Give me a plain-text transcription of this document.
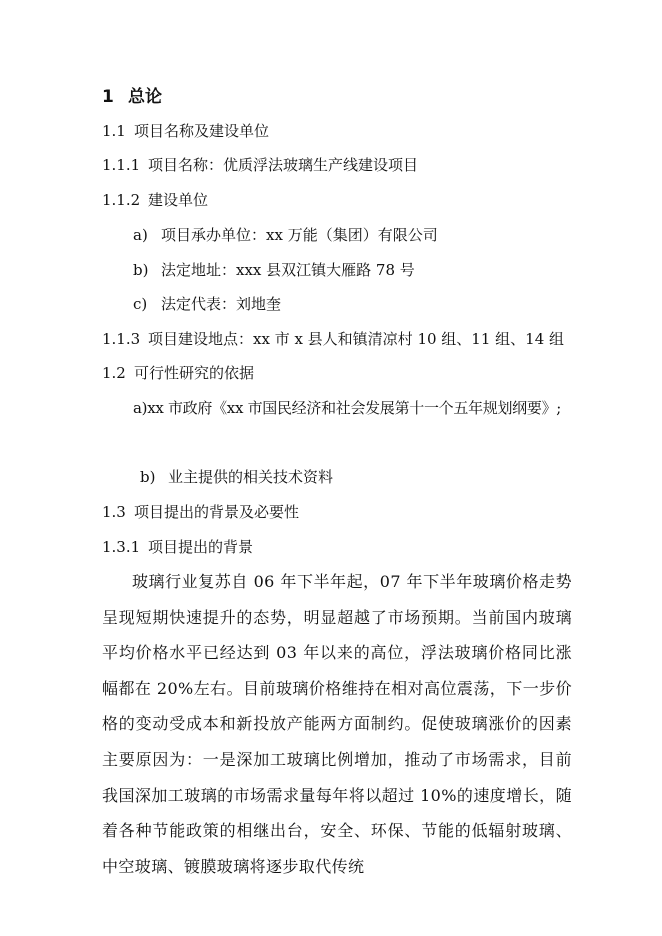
1 总论
1.1 项目名称及建设单位
1.1.1 项目名称：优质浮法玻璃生产线建设项目
1.1.2 建设单位
a) 项目承办单位：xx 万能（集团）有限公司
b) 法定地址：xxx 县双江镇大雁路 78 号
c) 法定代表：刘地奎
1.1.3 项目建设地点：xx 市 x 县人和镇清凉村 10 组、11 组、14 组
1.2 可行性研究的依据
a)xx 市政府《xx 市国民经济和社会发展第十一个五年规划纲要》;
b) 业主提供的相关技术资料
1.3 项目提出的背景及必要性
1.3.1 项目提出的背景

玻璃行业复苏自 06 年下半年起，07 年下半年玻璃价格走势呈现短期快速提升的态势，明显超越了市场预期。当前国内玻璃平均价格水平已经达到 03 年以来的高位，浮法玻璃价格同比涨幅都在 20%左右。目前玻璃价格维持在相对高位震荡，下一步价格的变动受成本和新投放产能两方面制约。促使玻璃涨价的因素主要原因为：一是深加工玻璃比例增加，推动了市场需求，目前我国深加工玻璃的市场需求量每年将以超过 10%的速度增长，随着各种节能政策的相继出台，安全、环保、节能的低辐射玻璃、中空玻璃、镀膜玻璃将逐步取代传统
